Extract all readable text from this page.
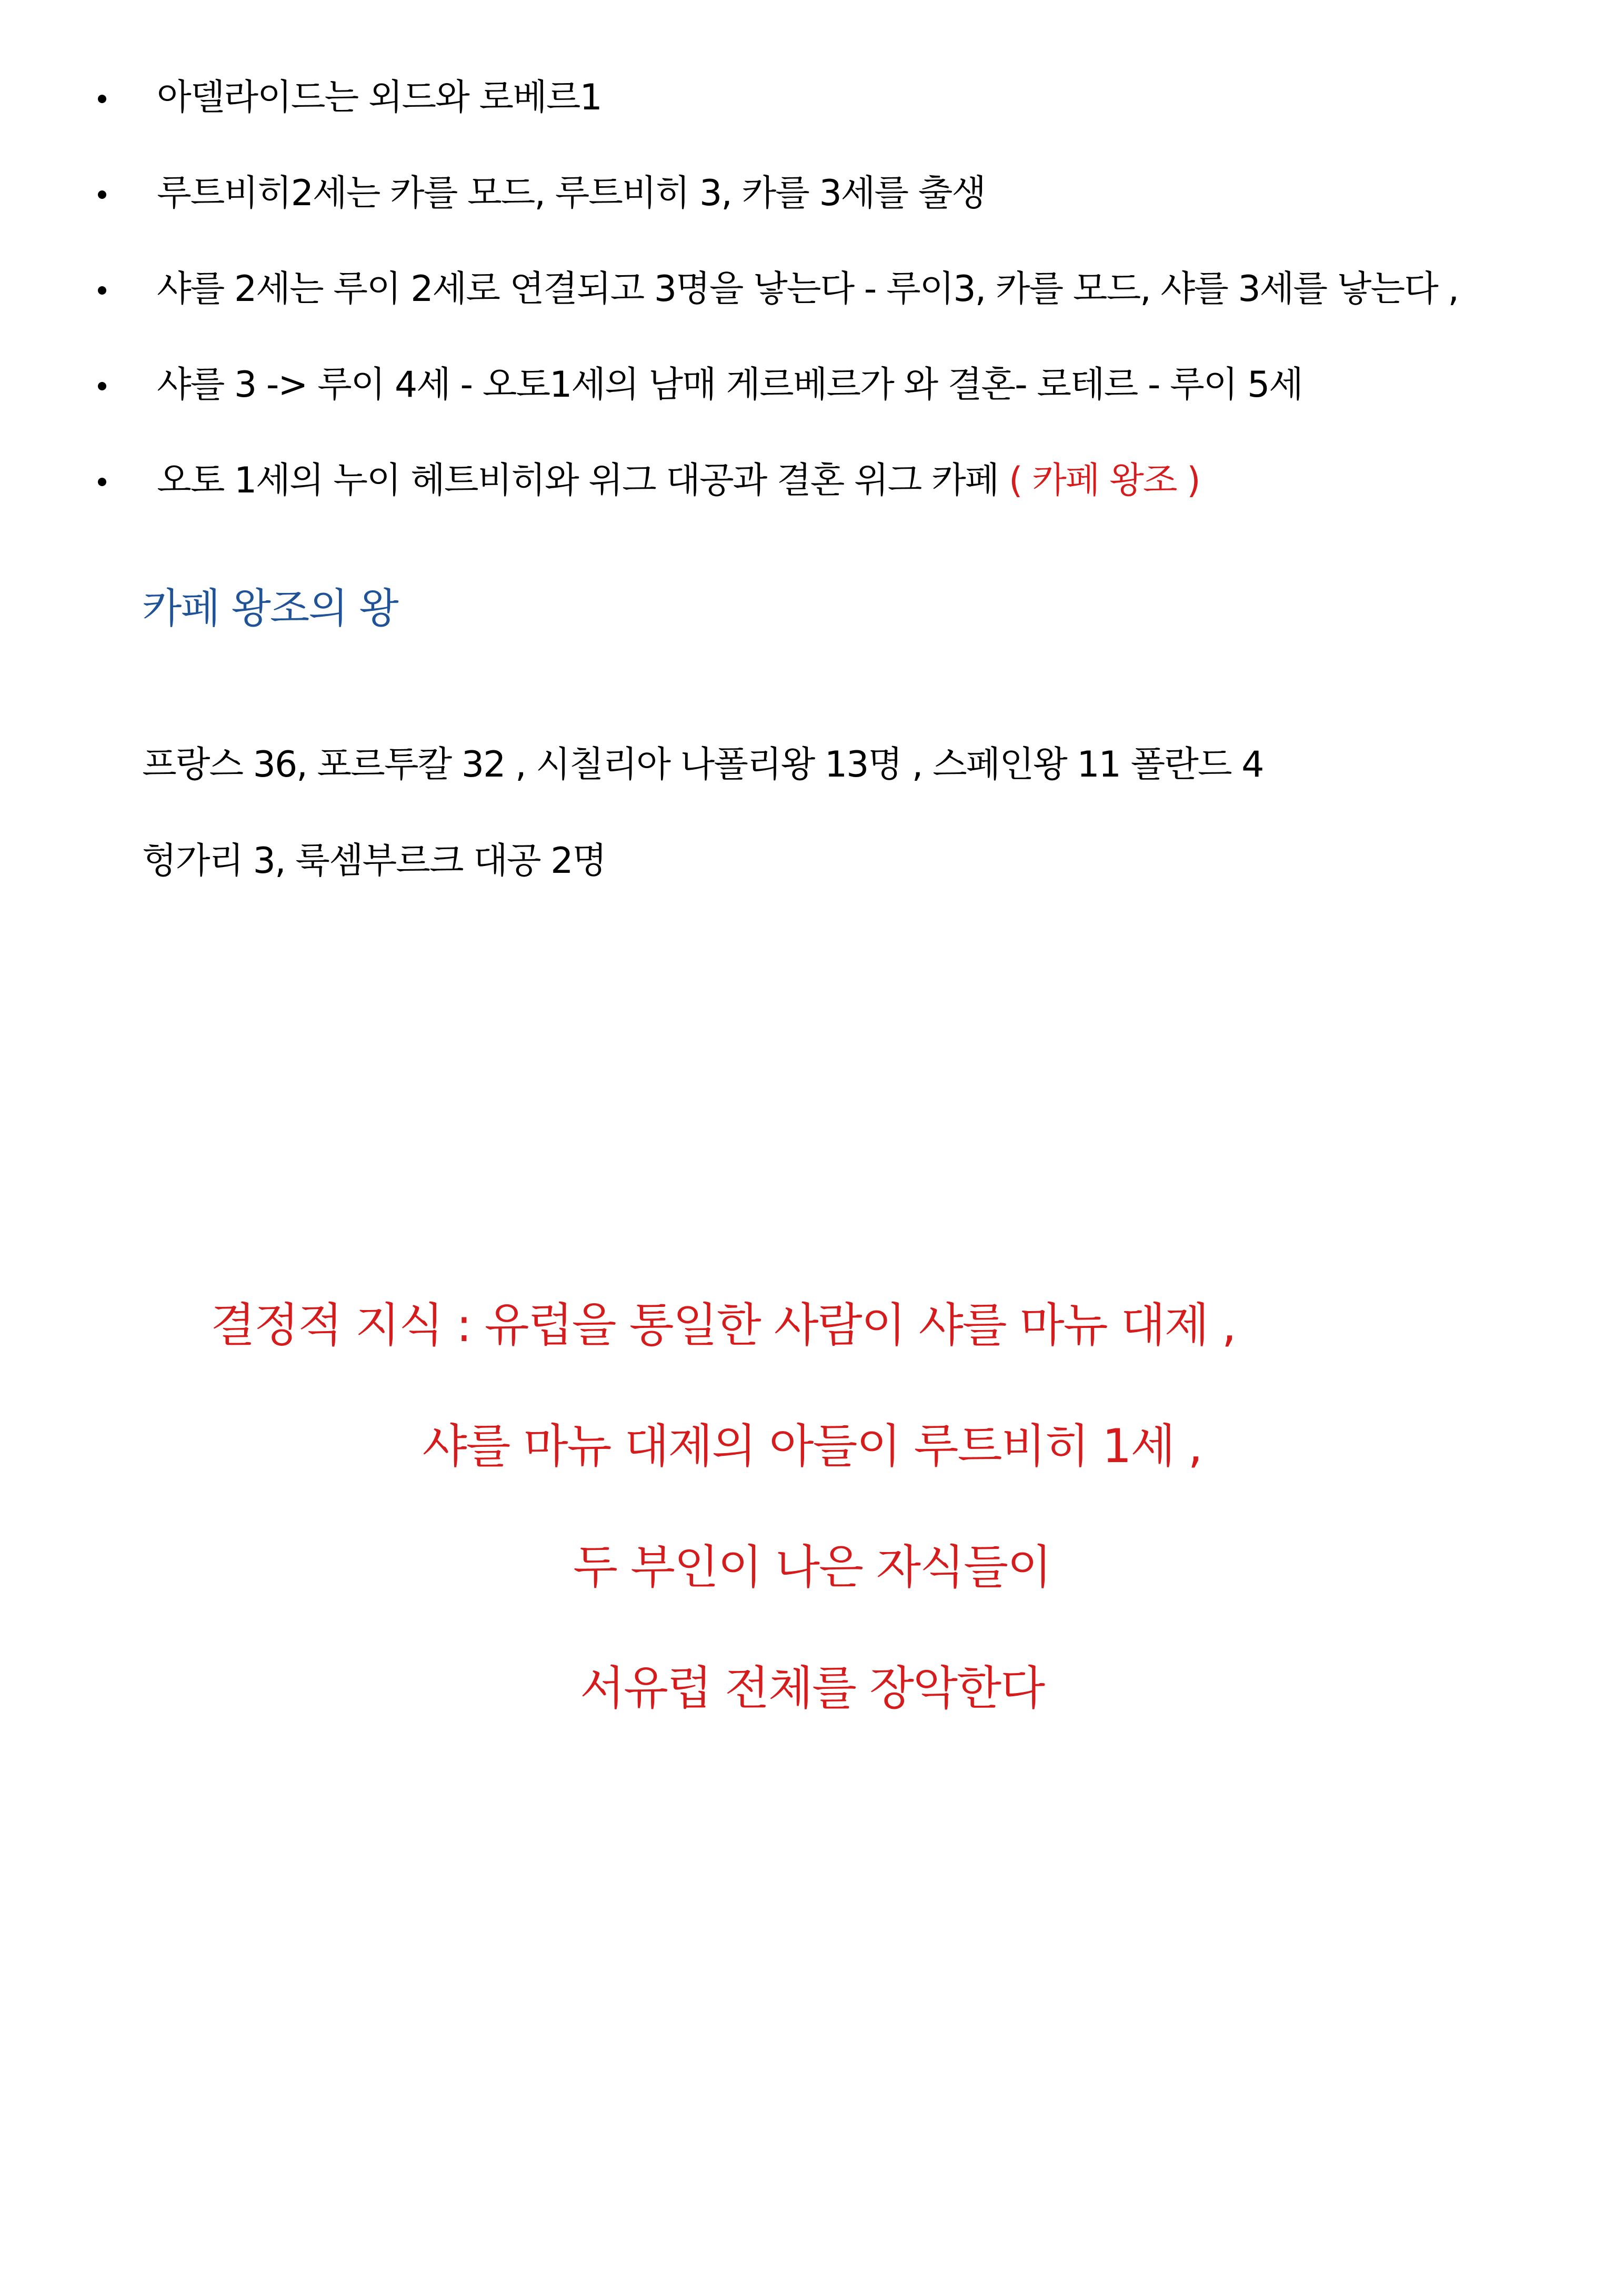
아델라이드는 외드와 로베르1
루트비히2세는 카를 모드, 루트비히 3, 카를 3세를 출생
샤를 2세는 루이 2세로 연결되고 3명을 낳는다 - 루이3, 카를 모드, 샤를 3세를 낳는다 ,
샤를 3 -> 루이 4세 - 오토1세의 남매 게르베르가 와 결혼- 로테르 - 루이 5세
오토 1세의 누이 헤트비히와 위그 대공과 결혼 위그 카페 ( 카페 왕조 )
카페 왕조의 왕
프랑스 36, 포르투칼 32 , 시칠리아 나폴리왕 13명 , 스페인왕 11 폴란드 4
헝가리 3, 룩셈부르크 대공 2명
결정적 지식 : 유럽을 통일한 사람이 샤를 마뉴 대제 ,
샤를 마뉴 대제의 아들이 루트비히 1세 ,
두 부인이 나은 자식들이
서유럽 전체를 장악한다
